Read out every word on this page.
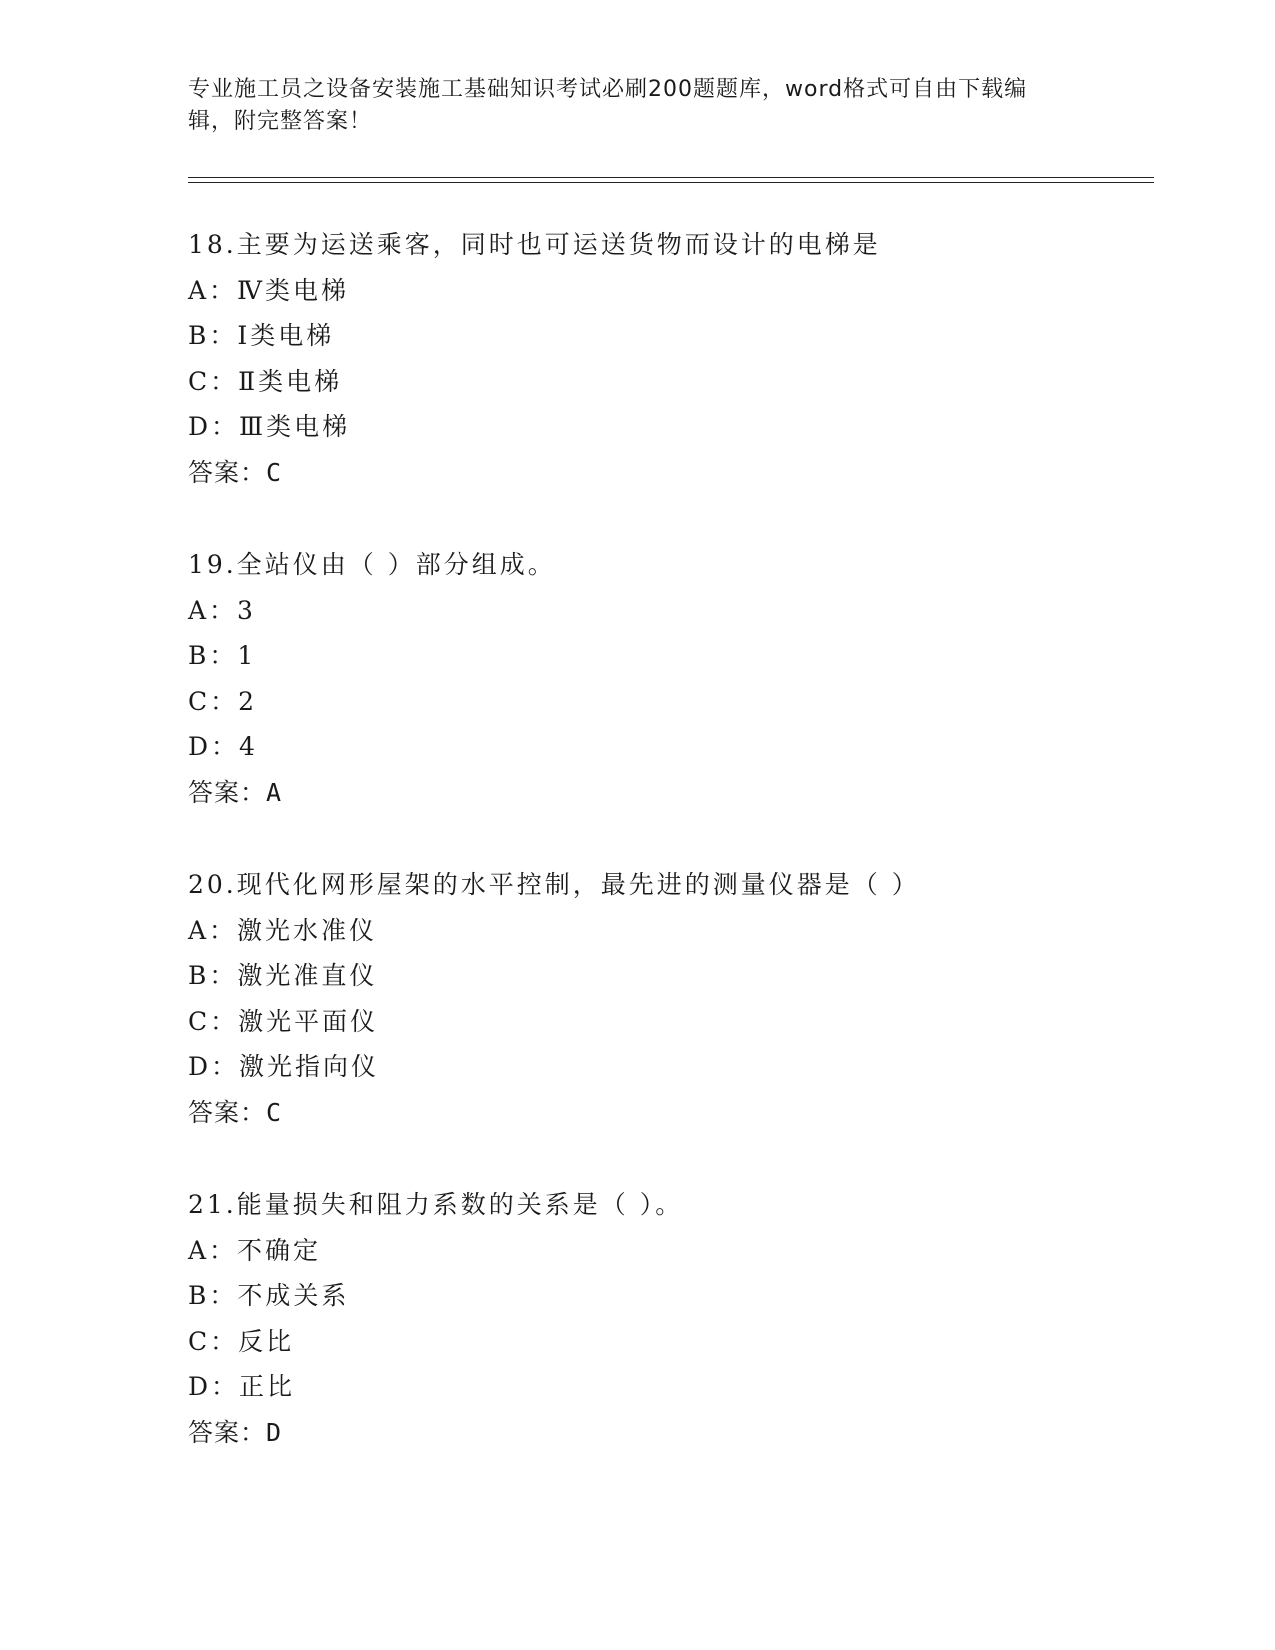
专业施工员之设备安装施工基础知识考试必刷200题题库，word格式可自由下载编辑，附完整答案！
18.主要为运送乘客，同时也可运送货物而设计的电梯是
A：Ⅳ类电梯
B：Ⅰ类电梯
C：Ⅱ类电梯
D：Ⅲ类电梯
答案：C
19.全站仪由（ ）部分组成。
A：3
B：1
C：2
D：4
答案：A
20.现代化网形屋架的水平控制，最先进的测量仪器是（ ）
A：激光水准仪
B：激光准直仪
C：激光平面仪
D：激光指向仪
答案：C
21.能量损失和阻力系数的关系是（ ）。
A：不确定
B：不成关系
C：反比
D：正比
答案：D
